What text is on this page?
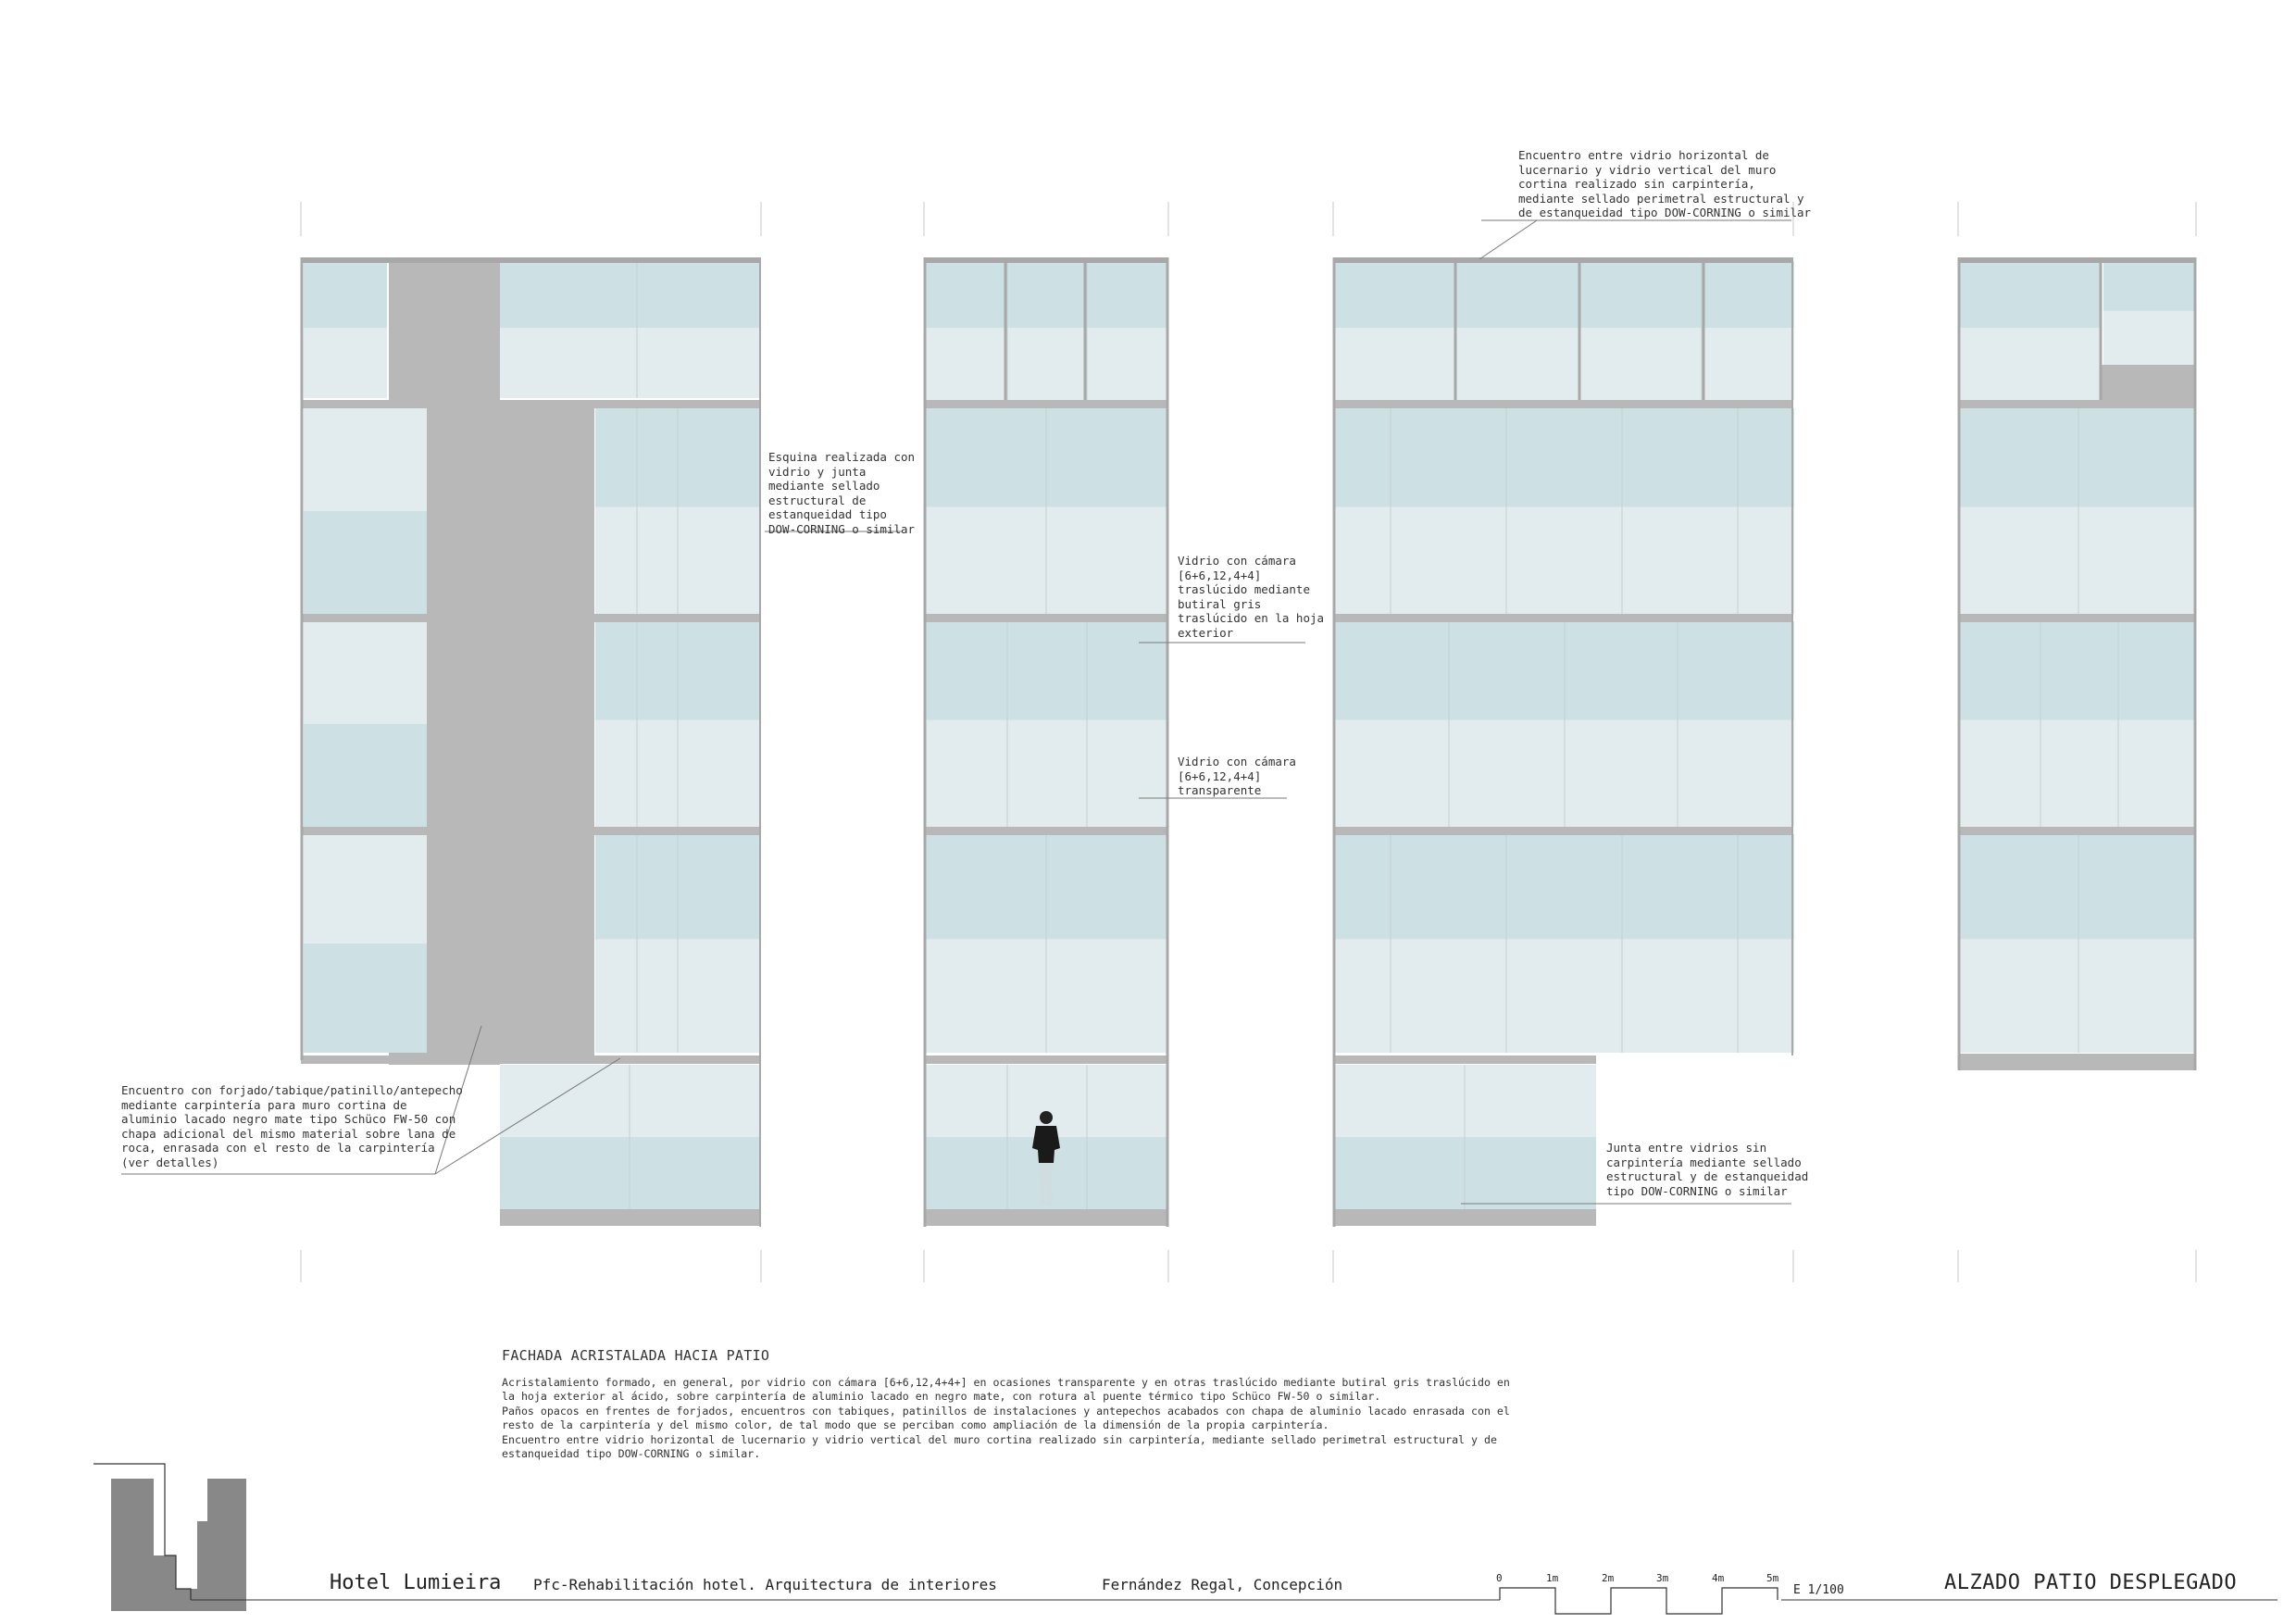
Encuentro entre vidrio horizontal de
lucernario y vidrio vertical del muro
cortina realizado sin carpintería,
mediante sellado perimetral estructural y
de estanqueidad tipo DOW-CORNING o similar
Esquina realizada con
vidrio y junta
mediante sellado
estructural de
estanqueidad tipo
DOW-CORNING o similar
Vidrio con cámara
[6+6,12,4+4]
traslúcido mediante
butiral gris
traslúcido en la hoja
exterior
Vidrio con cámara
[6+6,12,4+4]
transparente
Encuentro con forjado/tabique/patinillo/antepecho
mediante carpintería para muro cortina de
aluminio lacado negro mate tipo Schüco FW-50 con
chapa adicional del mismo material sobre lana de
roca, enrasada con el resto de la carpintería
(ver detalles)
Junta entre vidrios sin
carpintería mediante sellado
estructural y de estanqueidad
tipo DOW-CORNING o similar
FACHADA ACRISTALADA HACIA PATIO
Acristalamiento formado, en general, por vidrio con cámara [6+6,12,4+4+] en ocasiones transparente y en otras traslúcido mediante butiral gris traslúcido en
la hoja exterior al ácido, sobre carpintería de aluminio lacado en negro mate, con rotura al puente térmico tipo Schüco FW-50 o similar.
Paños opacos en frentes de forjados, encuentros con tabiques, patinillos de instalaciones y antepechos acabados con chapa de aluminio lacado enrasada con el
resto de la carpintería y del mismo color, de tal modo que se perciban como ampliación de la dimensión de la propia carpintería.
Encuentro entre vidrio horizontal de lucernario y vidrio vertical del muro cortina realizado sin carpintería, mediante sellado perimetral estructural y de
estanqueidad tipo DOW-CORNING o similar.
Hotel Lumieira Pfc-Rehabilitación hotel. Arquitectura de interiores	Fernández Regal, Concepción	ALZADO PATIO DESPLEGADO
E 1/100
0	1m	2m	3m	4m	5m
